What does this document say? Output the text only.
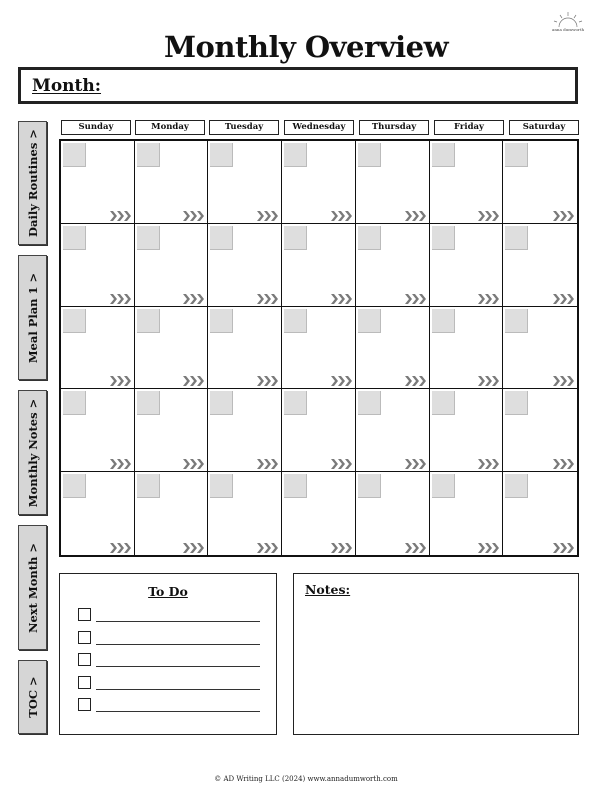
anna dumworth
Monthly Overview
Month:
Daily Routines >
Meal Plan 1 >
Monthly Notes >
Next Month >
TOC >
Sunday	Monday	Tuesday	Wednesday	Thursday	Friday	Saturday
To Do	Notes:
© AD Writing LLC (2024) www.annadumworth.com
